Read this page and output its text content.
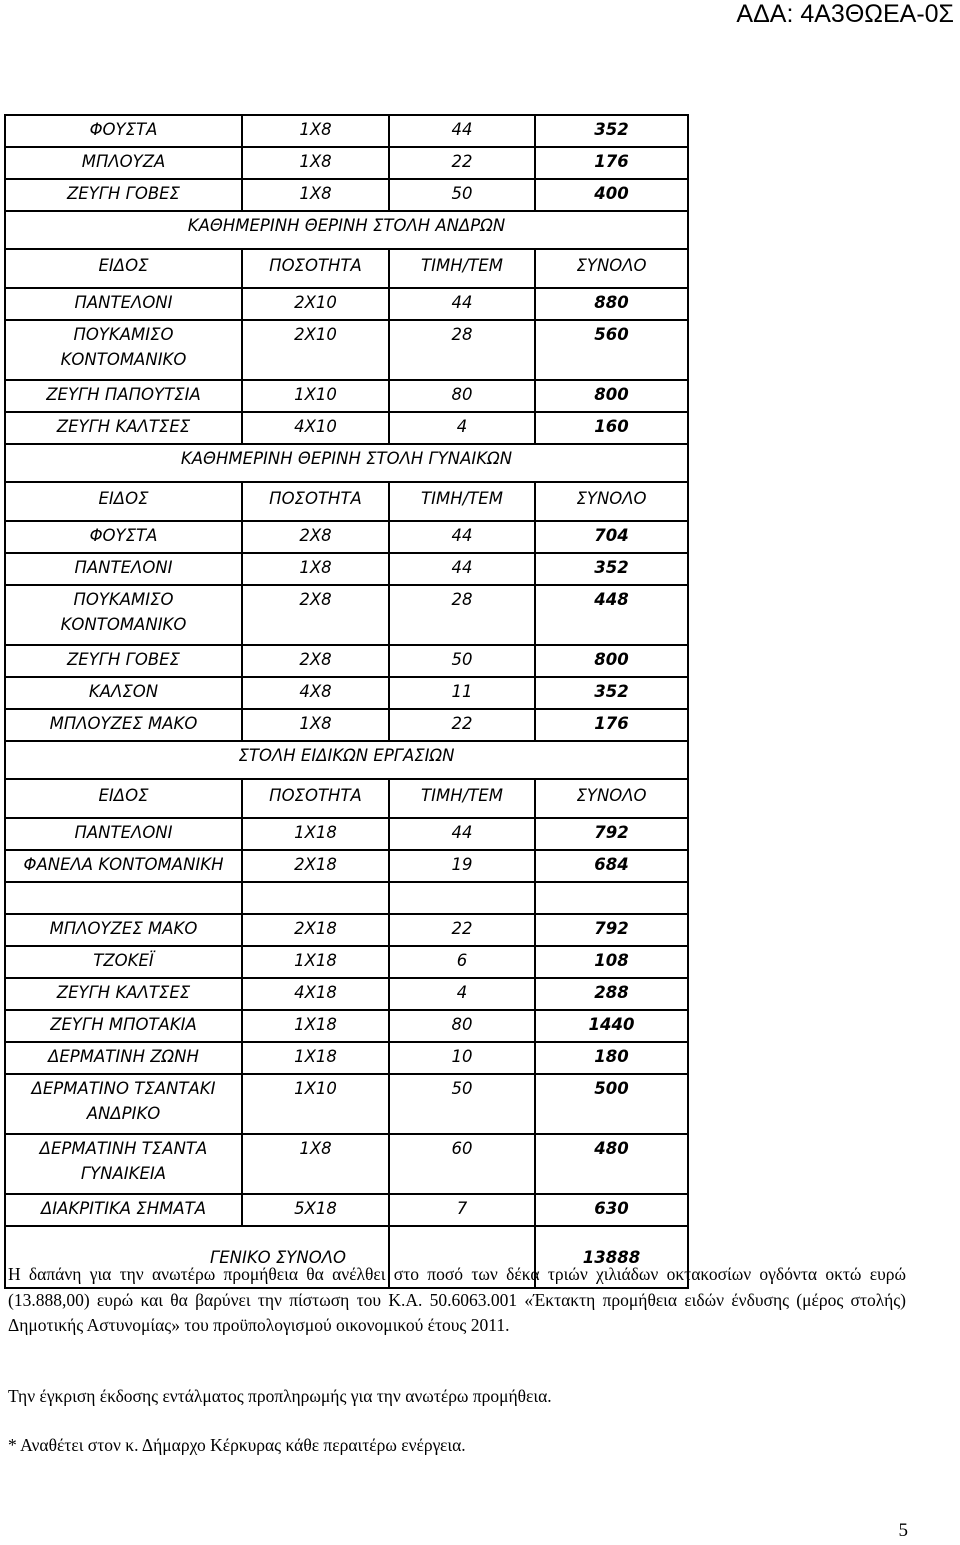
ΑΔΑ: 4Α3ΘΩΕΑ-0Σ
ΦΟΥΣΤΑ	1Χ8	44	352
ΜΠΛΟΥΖΑ	1Χ8	22	176
ΖΕΥΓΗ ΓΟΒΕΣ	1Χ8	50	400
ΚΑΘΗΜΕΡΙΝΗ ΘΕΡΙΝΗ ΣΤΟΛΗ ΑΝΔΡΩΝ			
ΕΙΔΟΣ	ΠΟΣΟΤΗΤΑ	ΤΙΜΗ/ΤΕΜ	ΣΥΝΟΛΟ
ΠΑΝΤΕΛΟΝΙ	2Χ10	44	880
ΠΟΥΚΑΜΙΣΟ
ΚΟΝΤΟΜΑΝΙΚΟ	2Χ10	28	560
ΖΕΥΓΗ ΠΑΠΟΥΤΣΙΑ	1Χ10	80	800
ΖΕΥΓΗ ΚΑΛΤΣΕΣ	4Χ10	4	160
ΚΑΘΗΜΕΡΙΝΗ ΘΕΡΙΝΗ ΣΤΟΛΗ ΓΥΝΑΙΚΩΝ			
ΕΙΔΟΣ	ΠΟΣΟΤΗΤΑ	ΤΙΜΗ/ΤΕΜ	ΣΥΝΟΛΟ
ΦΟΥΣΤΑ	2Χ8	44	704
ΠΑΝΤΕΛΟΝΙ	1Χ8	44	352
ΠΟΥΚΑΜΙΣΟ
ΚΟΝΤΟΜΑΝΙΚΟ	2Χ8	28	448
ΖΕΥΓΗ ΓΟΒΕΣ	2Χ8	50	800
ΚΑΛΣΟΝ	4Χ8	11	352
ΜΠΛΟΥΖΕΣ ΜΑΚΟ	1Χ8	22	176
ΣΤΟΛΗ ΕΙΔΙΚΩΝ ΕΡΓΑΣΙΩΝ			
ΕΙΔΟΣ	ΠΟΣΟΤΗΤΑ	ΤΙΜΗ/ΤΕΜ	ΣΥΝΟΛΟ
ΠΑΝΤΕΛΟΝΙ	1Χ18	44	792
ΦΑΝΕΛΑ ΚΟΝΤΟΜΑΝΙΚΗ	2Χ18	19	684

ΜΠΛΟΥΖΕΣ ΜΑΚΟ	2Χ18	22	792
ΤΖΟΚΕΪ	1Χ18	6	108
ΖΕΥΓΗ ΚΑΛΤΣΕΣ	4Χ18	4	288
ΖΕΥΓΗ ΜΠΟΤΑΚΙΑ	1Χ18	80	1440
ΔΕΡΜΑΤΙΝΗ ΖΩΝΗ	1Χ18	10	180
ΔΕΡΜΑΤΙΝΟ ΤΣΑΝΤΑΚΙ
ΑΝΔΡΙΚΟ	1Χ10	50	500
ΔΕΡΜΑΤΙΝΗ ΤΣΑΝΤΑ
ΓΥΝΑΙΚΕΙΑ	1Χ8	60	480
ΔΙΑΚΡΙΤΙΚΑ ΣΗΜΑΤΑ	5Χ18	7	630
ΓΕΝΙΚΟ ΣΥΝΟΛΟ			13888
Η δαπάνη για την ανωτέρω προμήθεια θα ανέλθει στο ποσό των δέκα τριών χιλιάδων οκτακοσίων ογδόντα οκτώ ευρώ (13.888,00) ευρώ και θα βαρύνει την πίστωση του Κ.Α. 50.6063.001 «Έκτακτη προμήθεια ειδών ένδυσης (μέρος στολής) Δημοτικής Αστυνομίας» του προϋπολογισμού οικονομικού έτους 2011.
Την έγκριση έκδοσης εντάλματος προπληρωμής για την ανωτέρω προμήθεια.
* Αναθέτει στον κ. Δήμαρχο Κέρκυρας κάθε περαιτέρω ενέργεια.
5
